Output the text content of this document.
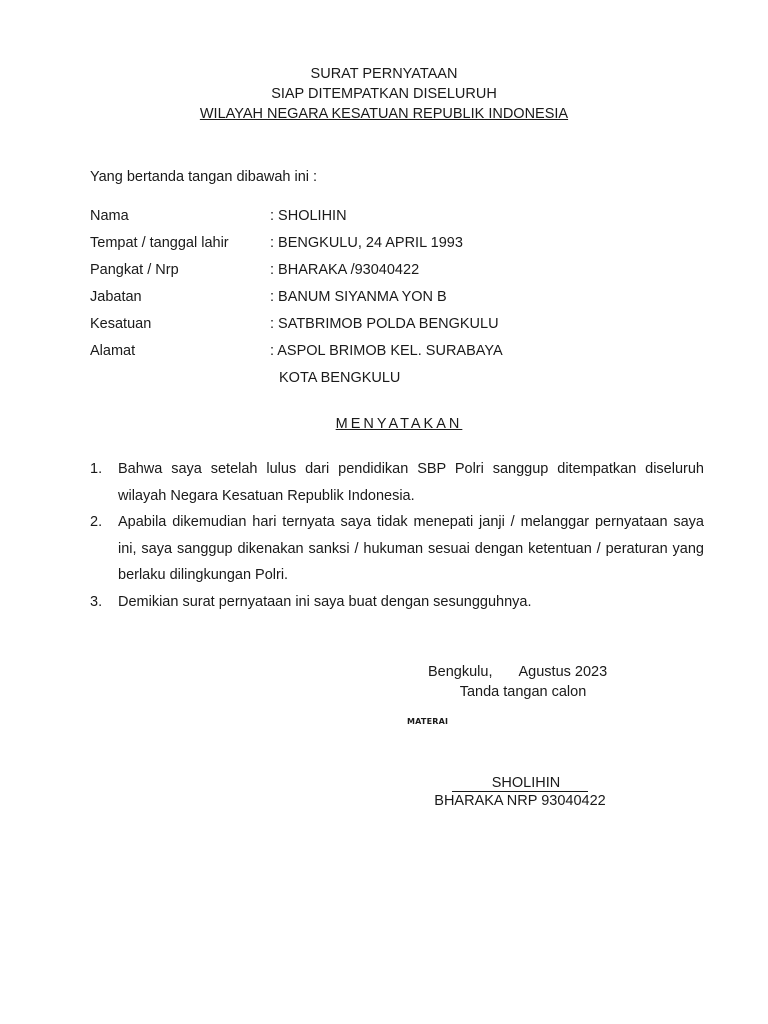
SURAT PERNYATAAN
SIAP DITEMPATKAN DISELURUH
WILAYAH NEGARA KESATUAN REPUBLIK INDONESIA
Yang bertanda tangan dibawah ini :
Nama	: SHOLIHIN
Tempat / tanggal lahir	: BENGKULU, 24 APRIL 1993
Pangkat / Nrp	: BHARAKA /93040422
Jabatan	: BANUM SIYANMA YON B
Kesatuan	: SATBRIMOB POLDA BENGKULU
Alamat	: ASPOL BRIMOB KEL. SURABAYA
KOTA BENGKULU
MENYATAKAN
1.	Bahwa saya setelah lulus dari pendidikan SBP Polri sanggup ditempatkan diseluruh wilayah Negara Kesatuan Republik Indonesia.
2.	Apabila dikemudian hari ternyata saya tidak menepati janji / melanggar pernyataan saya ini, saya sanggup dikenakan sanksi / hukuman sesuai dengan ketentuan / peraturan yang berlaku dilingkungan Polri.
3.	Demikian surat pernyataan ini saya buat dengan sesungguhnya.
Bengkulu, Agustus 2023
Tanda tangan calon
MATERAI
SHOLIHIN
BHARAKA NRP 93040422
